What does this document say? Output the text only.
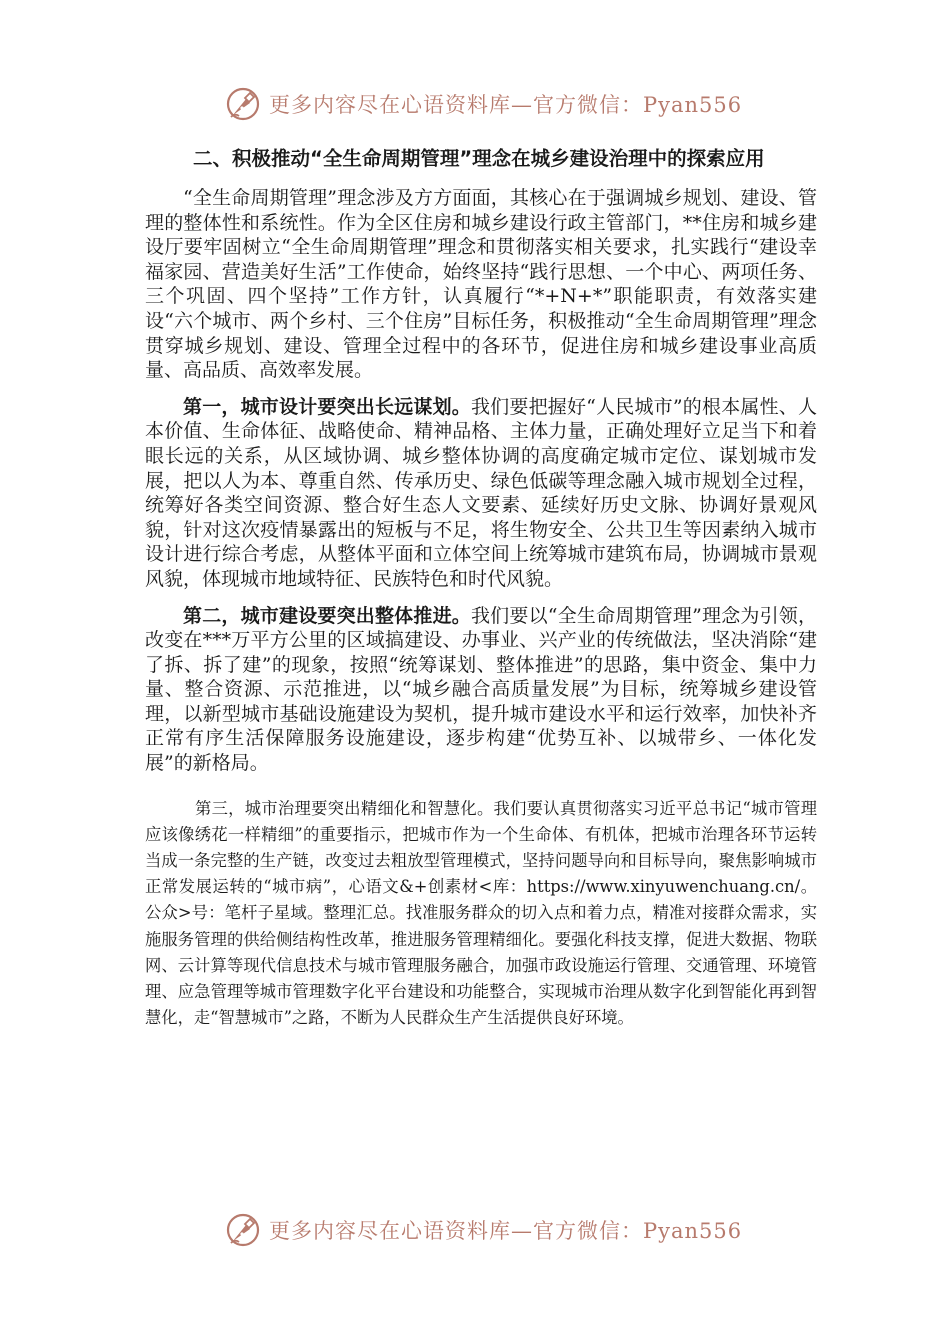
更多内容尽在心语资料库—官方微信：Pyan556

二、积极推动“全生命周期管理”理念在城乡建设治理中的探索应用

“全生命周期管理”理念涉及方方面面，其核心在于强调城乡规划、建设、管理的整体性和系统性。作为全区住房和城乡建设行政主管部门，**住房和城乡建设厅要牢固树立“全生命周期管理”理念和贯彻落实相关要求，扎实践行“建设幸福家园、营造美好生活”工作使命，始终坚持“践行思想、一个中心、两项任务、三个巩固、四个坚持”工作方针，认真履行“*+N+*”职能职责，有效落实建设“六个城市、两个乡村、三个住房”目标任务，积极推动“全生命周期管理”理念贯穿城乡规划、建设、管理全过程中的各环节，促进住房和城乡建设事业高质量、高品质、高效率发展。

第一，城市设计要突出长远谋划。我们要把握好“人民城市”的根本属性、人本价值、生命体征、战略使命、精神品格、主体力量，正确处理好立足当下和着眼长远的关系，从区域协调、城乡整体协调的高度确定城市定位、谋划城市发展，把以人为本、尊重自然、传承历史、绿色低碳等理念融入城市规划全过程，统筹好各类空间资源、整合好生态人文要素、延续好历史文脉、协调好景观风貌，针对这次疫情暴露出的短板与不足，将生物安全、公共卫生等因素纳入城市设计进行综合考虑，从整体平面和立体空间上统筹城市建筑布局，协调城市景观风貌，体现城市地域特征、民族特色和时代风貌。

第二，城市建设要突出整体推进。我们要以“全生命周期管理”理念为引领，改变在***万平方公里的区域搞建设、办事业、兴产业的传统做法，坚决消除“建了拆、拆了建”的现象，按照“统筹谋划、整体推进”的思路，集中资金、集中力量、整合资源、示范推进，以“城乡融合高质量发展”为目标，统筹城乡建设管理，以新型城市基础设施建设为契机，提升城市建设水平和运行效率，加快补齐正常有序生活保障服务设施建设，逐步构建“优势互补、以城带乡、一体化发展”的新格局。

第三，城市治理要突出精细化和智慧化。我们要认真贯彻落实习近平总书记“城市管理应该像绣花一样精细”的重要指示，把城市作为一个生命体、有机体，把城市治理各环节运转当成一条完整的生产链，改变过去粗放型管理模式，坚持问题导向和目标导向，聚焦影响城市正常发展运转的“城市病”，心语文&+创素材<库：https://www.xinyuwenchuang.cn/。公众>号：笔杆子星域。整理汇总。找准服务群众的切入点和着力点，精准对接群众需求，实施服务管理的供给侧结构性改革，推进服务管理精细化。要强化科技支撑，促进大数据、物联网、云计算等现代信息技术与城市管理服务融合，加强市政设施运行管理、交通管理、环境管理、应急管理等城市管理数字化平台建设和功能整合，实现城市治理从数字化到智能化再到智慧化，走“智慧城市”之路，不断为人民群众生产生活提供良好环境。

更多内容尽在心语资料库—官方微信：Pyan556
